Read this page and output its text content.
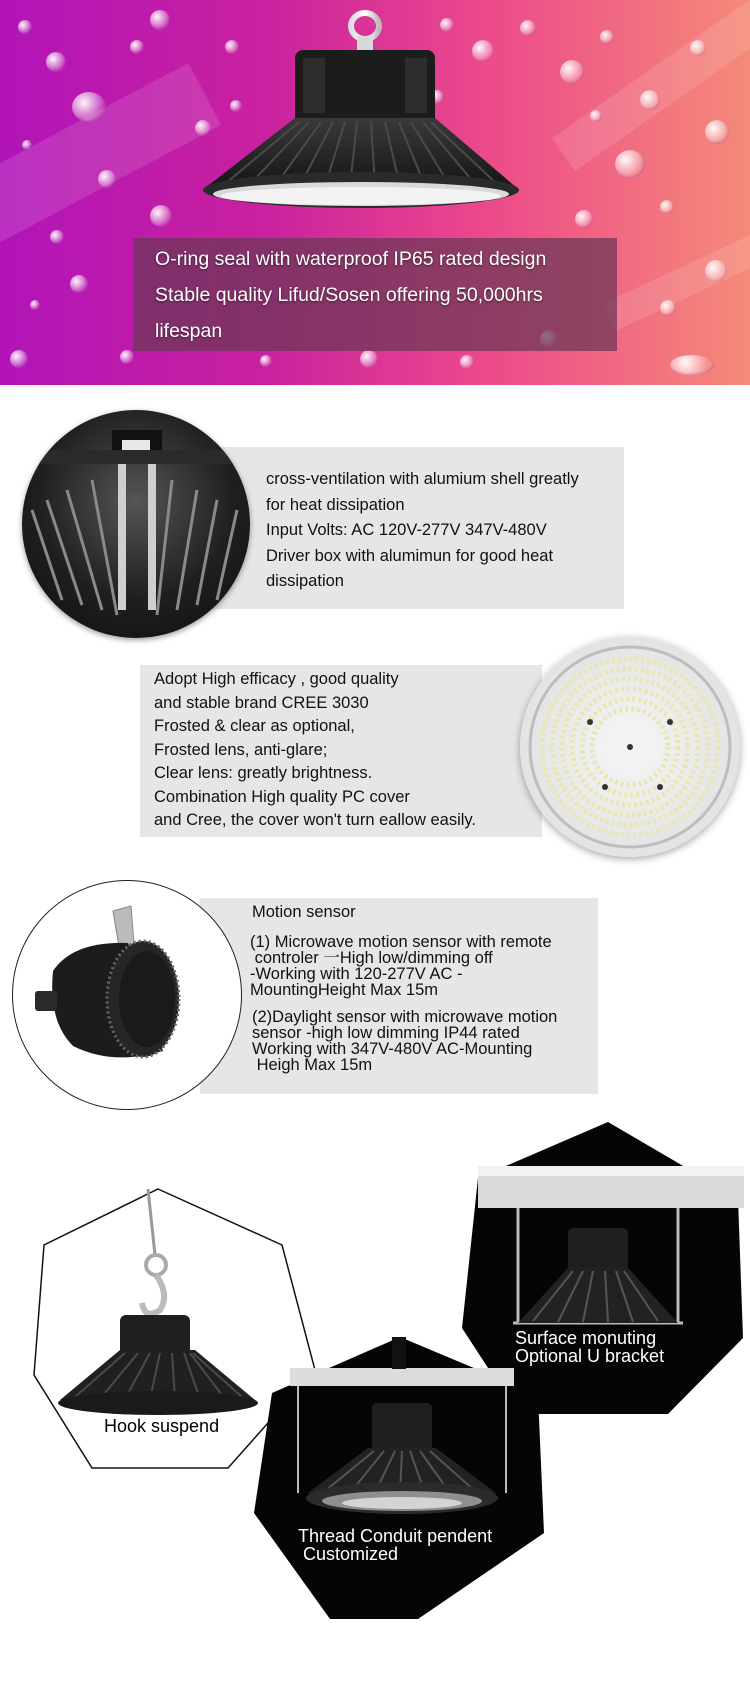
O-ring seal with waterproof IP65 rated design
Stable quality Lifud/Sosen offering 50,000hrs
lifespan
cross-ventilation with alumium shell greatly
for heat dissipation
Input Volts: AC 120V-277V 347V-480V
Driver box with alumimun for good heat
dissipation
Adopt High efficacy , good quality
and stable brand CREE 3030
Frosted & clear as optional,
Frosted lens, anti-glare;
Clear lens: greatly brightness.
Combination High quality PC cover
and Cree, the cover won't turn eallow easily.
Motion sensor
(1) Microwave motion sensor with remote
controler 一High low/dimming off
-Working with 120-277V AC -
MountingHeight Max 15m
(2)Daylight sensor with microwave motion
sensor -high low dimming IP44 rated
Working with 347V-480V AC-Mounting
Heigh Max 15m
Hook suspend
Surface monuting
Optional U bracket
Thread Conduit pendent
Customized
